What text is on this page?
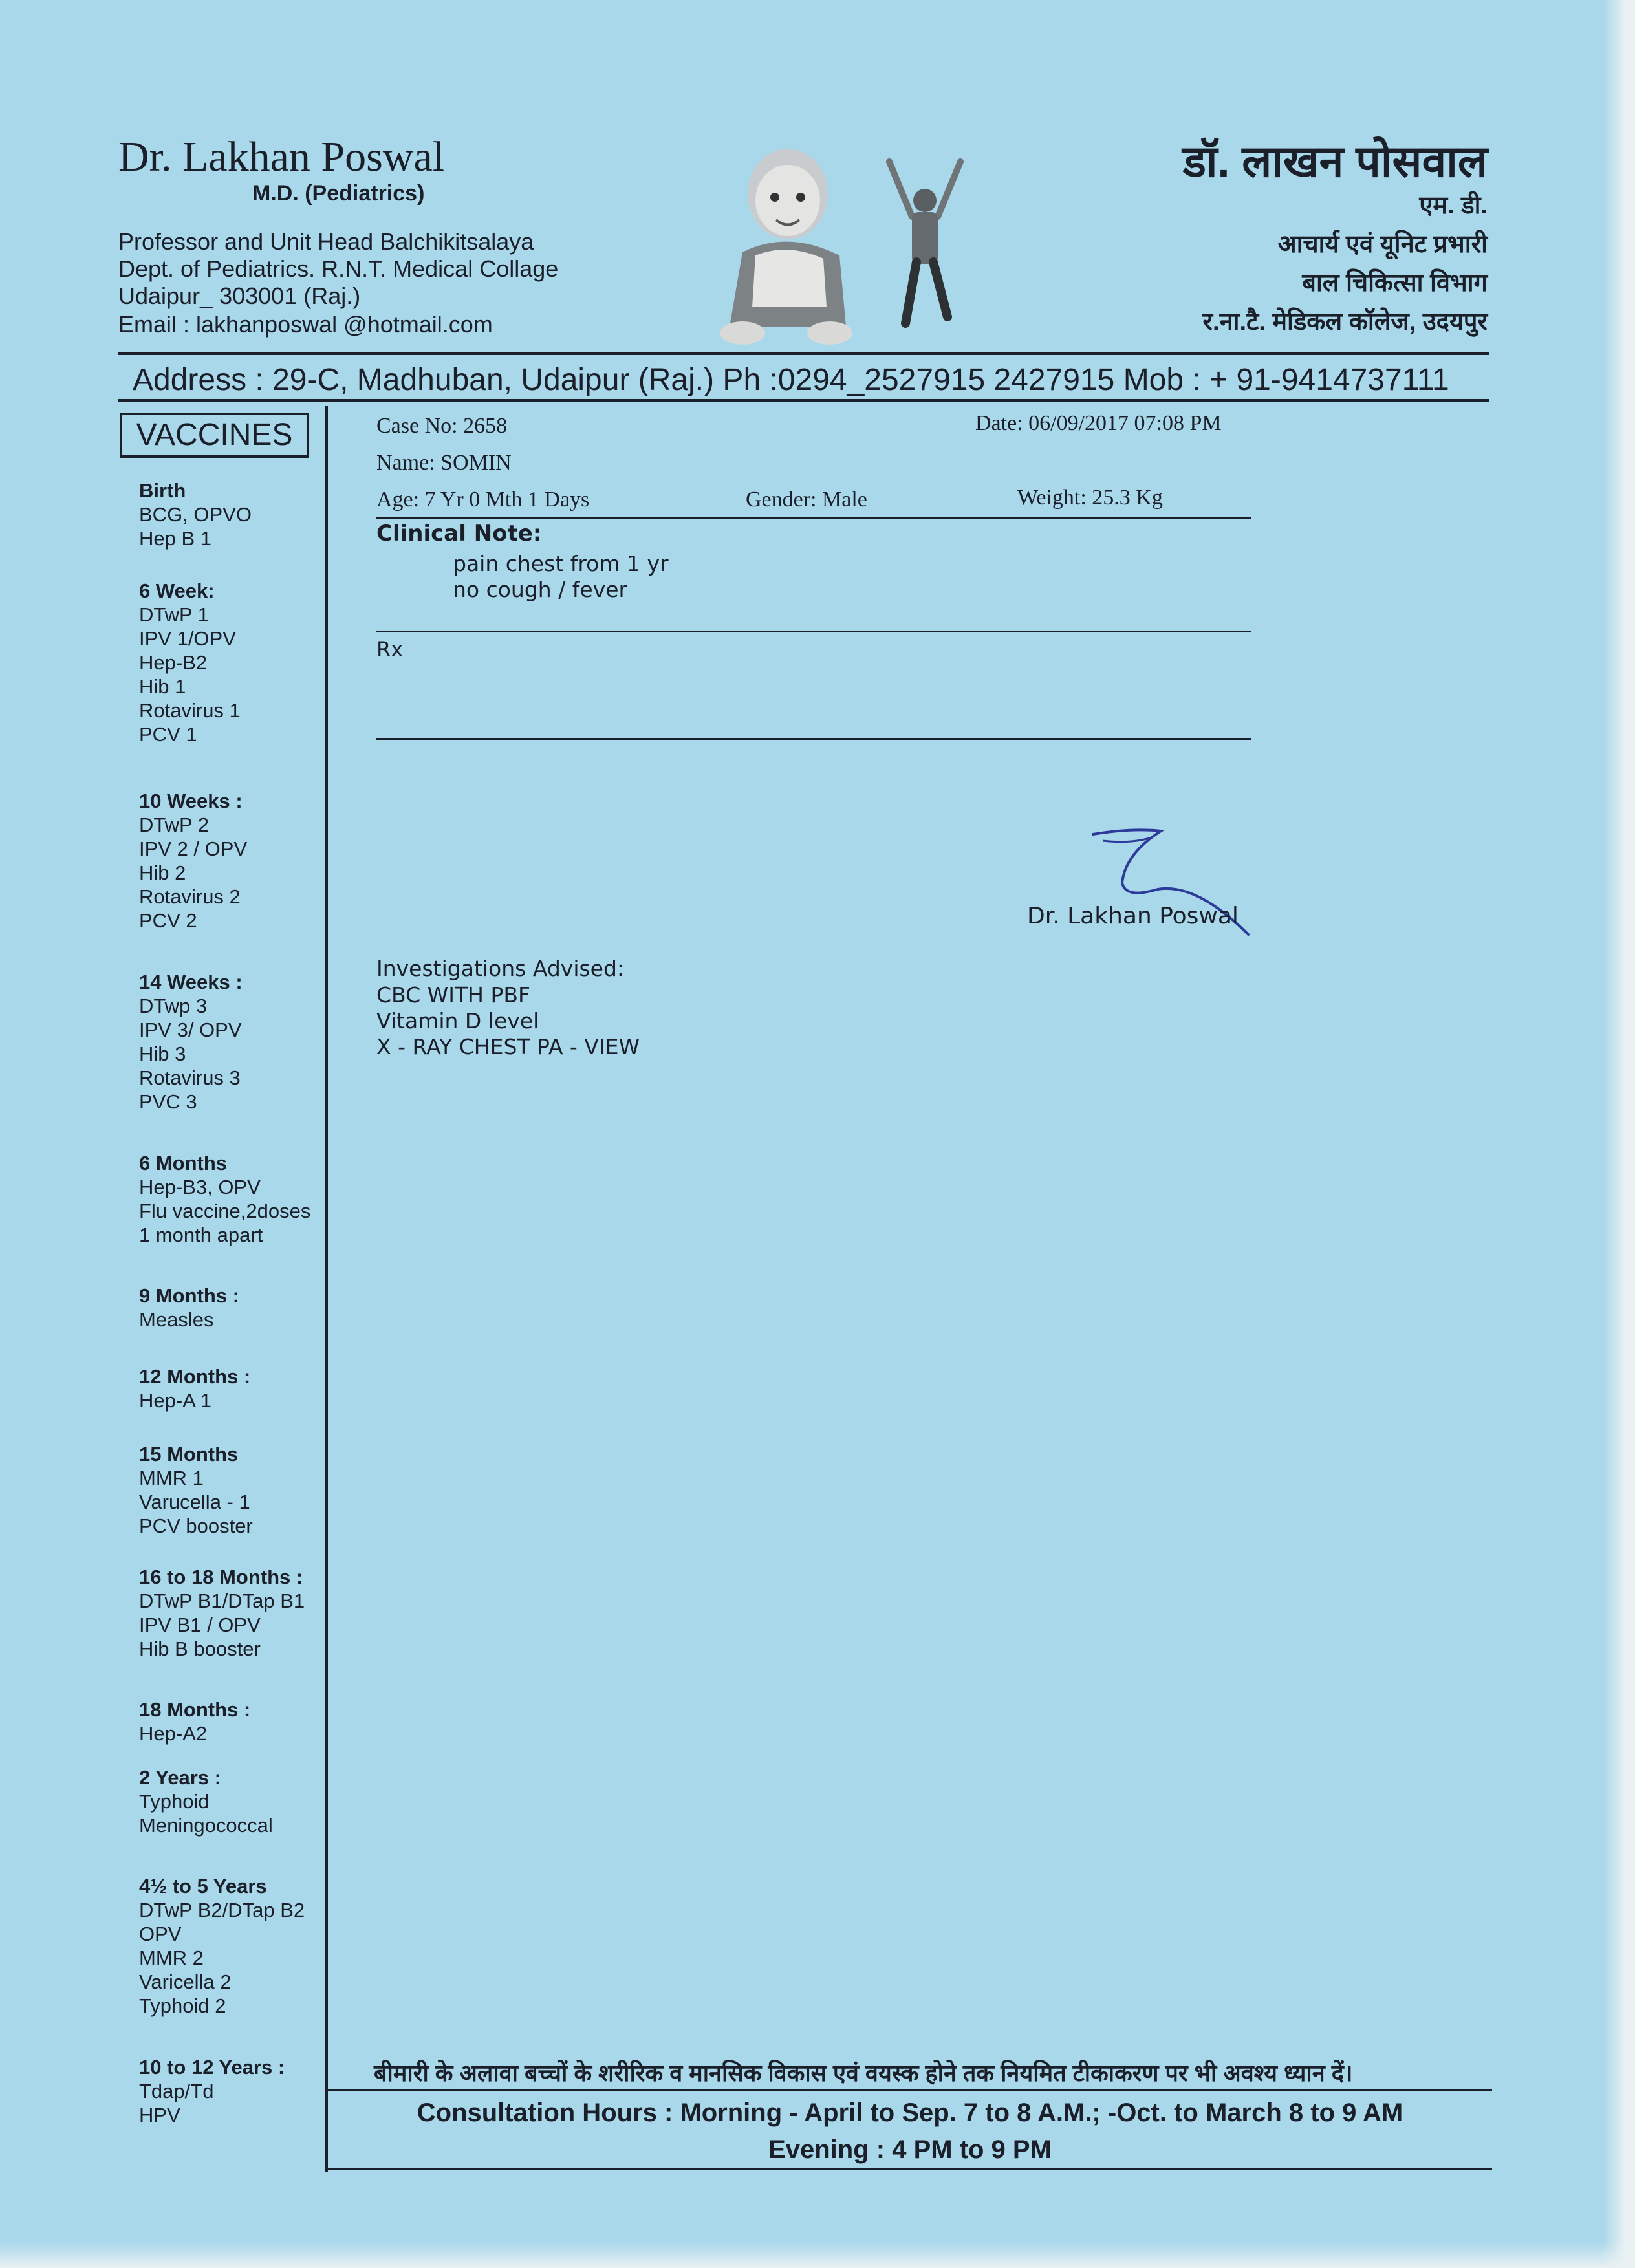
Dr. Lakhan Poswal
M.D. (Pediatrics)
Professor and Unit Head Balchikitsalaya
Dept. of Pediatrics. R.N.T. Medical Collage
Udaipur_ 303001 (Raj.)
Email : lakhanposwal @hotmail.com
डॉ. लाखन पोसवाल
एम. डी.
आचार्य एवं यूनिट प्रभारी
बाल चिकित्सा विभाग
र.ना.टै. मेडिकल कॉलेज, उदयपुर
Address : 29-C, Madhuban, Udaipur (Raj.) Ph :0294_2527915 2427915 Mob : + 91-9414737111
VACCINES
Birth
BCG, OPVO
Hep B 1
6 Week:
DTwP 1
IPV 1/OPV
Hep-B2
Hib 1
Rotavirus 1
PCV 1
10 Weeks :
DTwP 2
IPV 2 / OPV
Hib 2
Rotavirus 2
PCV 2
14 Weeks :
DTwp 3
IPV 3/ OPV
Hib 3
Rotavirus 3
PVC 3
6 Months
Hep-B3, OPV
Flu vaccine,2doses
1 month apart
9 Months :
Measles
12 Months :
Hep-A 1
15 Months
MMR 1
Varucella - 1
PCV booster
16 to 18 Months :
DTwP B1/DTap B1
IPV B1 / OPV
Hib B booster
18 Months :
Hep-A2
2 Years :
Typhoid
Meningococcal
4½ to 5 Years
DTwP B2/DTap B2
OPV
MMR 2
Varicella 2
Typhoid 2
10 to 12 Years :
Tdap/Td
HPV
Case No: 2658	Date: 06/09/2017 07:08 PM
Name: SOMIN
Age: 7 Yr 0 Mth 1 Days	Gender: Male	Weight: 25.3 Kg
Clinical Note:
pain chest from 1 yr
no cough / fever
Rx
Dr. Lakhan Poswal
Investigations Advised:
CBC WITH PBF
Vitamin D level
X - RAY CHEST PA - VIEW
बीमारी के अलावा बच्चों के शरीरिक व मानसिक विकास एवं वयस्क होने तक नियमित टीकाकरण पर भी अवश्य ध्यान दें।
Consultation Hours : Morning - April to Sep. 7 to 8 A.M.; -Oct. to March 8 to 9 AM
Evening : 4 PM to 9 PM
